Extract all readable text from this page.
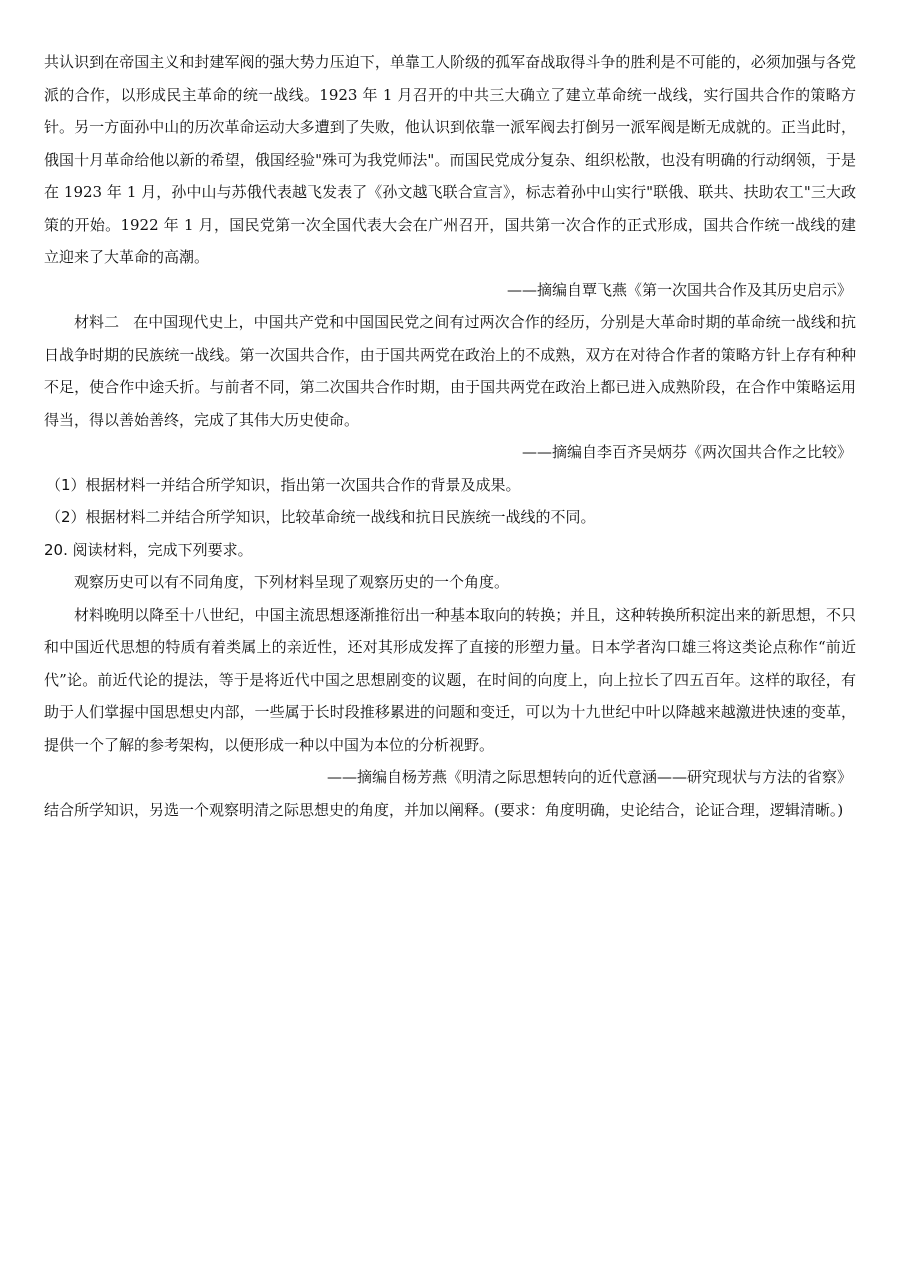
共认识到在帝国主义和封建军阀的强大势力压迫下，单靠工人阶级的孤军奋战取得斗争的胜利是不可能的，必须加强与各党派的合作，以形成民主革命的统一战线。1923 年 1 月召开的中共三大确立了建立革命统一战线，实行国共合作的策略方针。另一方面孙中山的历次革命运动大多遭到了失败，他认识到依靠一派军阀去打倒另一派军阀是断无成就的。正当此时，俄国十月革命给他以新的希望，俄国经验"殊可为我党师法"。而国民党成分复杂、组织松散，也没有明确的行动纲领，于是在 1923 年 1 月，孙中山与苏俄代表越飞发表了《孙文越飞联合宣言》，标志着孙中山实行"联俄、联共、扶助农工"三大政策的开始。1922 年 1 月，国民党第一次全国代表大会在广州召开，国共第一次合作的正式形成，国共合作统一战线的建立迎来了大革命的高潮。

——摘编自覃飞燕《第一次国共合作及其历史启示》

材料二 在中国现代史上，中国共产党和中国国民党之间有过两次合作的经历，分别是大革命时期的革命统一战线和抗日战争时期的民族统一战线。第一次国共合作，由于国共两党在政治上的不成熟，双方在对待合作者的策略方针上存有种种不足，使合作中途夭折。与前者不同，第二次国共合作时期，由于国共两党在政治上都已进入成熟阶段，在合作中策略运用得当，得以善始善终，完成了其伟大历史使命。

——摘编自李百齐吴炳芬《两次国共合作之比较》

（1）根据材料一并结合所学知识，指出第一次国共合作的背景及成果。

（2）根据材料二并结合所学知识，比较革命统一战线和抗日民族统一战线的不同。

20. 阅读材料，完成下列要求。

观察历史可以有不同角度，下列材料呈现了观察历史的一个角度。

材料晚明以降至十八世纪，中国主流思想逐渐推衍出一种基本取向的转换；并且，这种转换所积淀出来的新思想，不只和中国近代思想的特质有着类属上的亲近性，还对其形成发挥了直接的形塑力量。日本学者沟口雄三将这类论点称作“前近代”论。前近代论的提法，等于是将近代中国之思想剧变的议题，在时间的向度上，向上拉长了四五百年。这样的取径，有助于人们掌握中国思想史内部，一些属于长时段推移累进的问题和变迁，可以为十九世纪中叶以降越来越激进快速的变革，提供一个了解的参考架构，以便形成一种以中国为本位的分析视野。

——摘编自杨芳燕《明清之际思想转向的近代意涵——研究现状与方法的省察》

结合所学知识，另选一个观察明清之际思想史的角度，并加以阐释。(要求：角度明确，史论结合，论证合理，逻辑清晰。)
